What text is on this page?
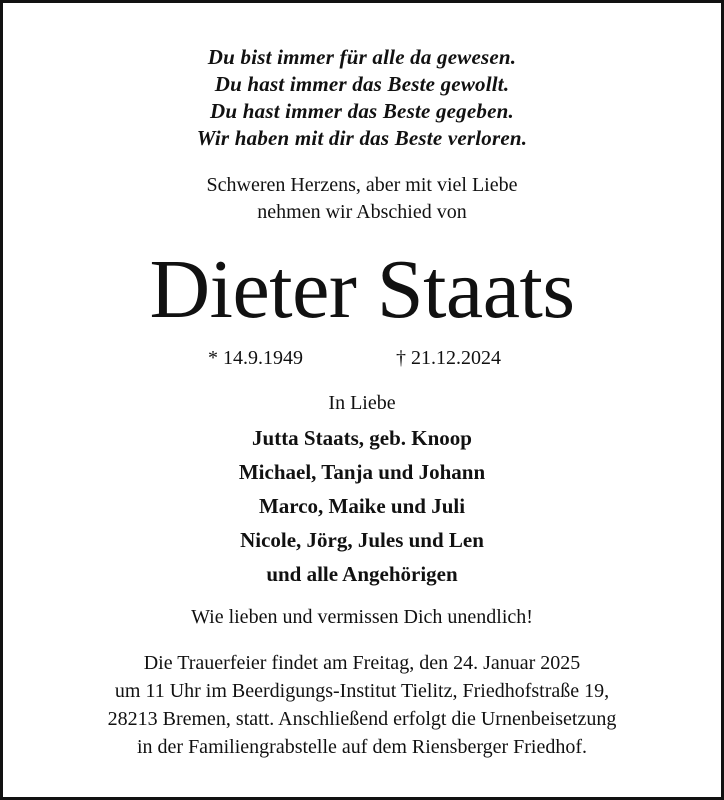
Du bist immer für alle da gewesen.
Du hast immer das Beste gewollt.
Du hast immer das Beste gegeben.
Wir haben mit dir das Beste verloren.
Schweren Herzens, aber mit viel Liebe
nehmen wir Abschied von
Dieter Staats
* 14.9.1949	† 21.12.2024
In Liebe
Jutta Staats, geb. Knoop
Michael, Tanja und Johann
Marco, Maike und Juli
Nicole, Jörg, Jules und Len
und alle Angehörigen
Wie lieben und vermissen Dich unendlich!
Die Trauerfeier findet am Freitag, den 24. Januar 2025
um 11 Uhr im Beerdigungs-Institut Tielitz, Friedhofstraße 19,
28213 Bremen, statt. Anschließend erfolgt die Urnenbeisetzung
in der Familiengrabstelle auf dem Riensberger Friedhof.
